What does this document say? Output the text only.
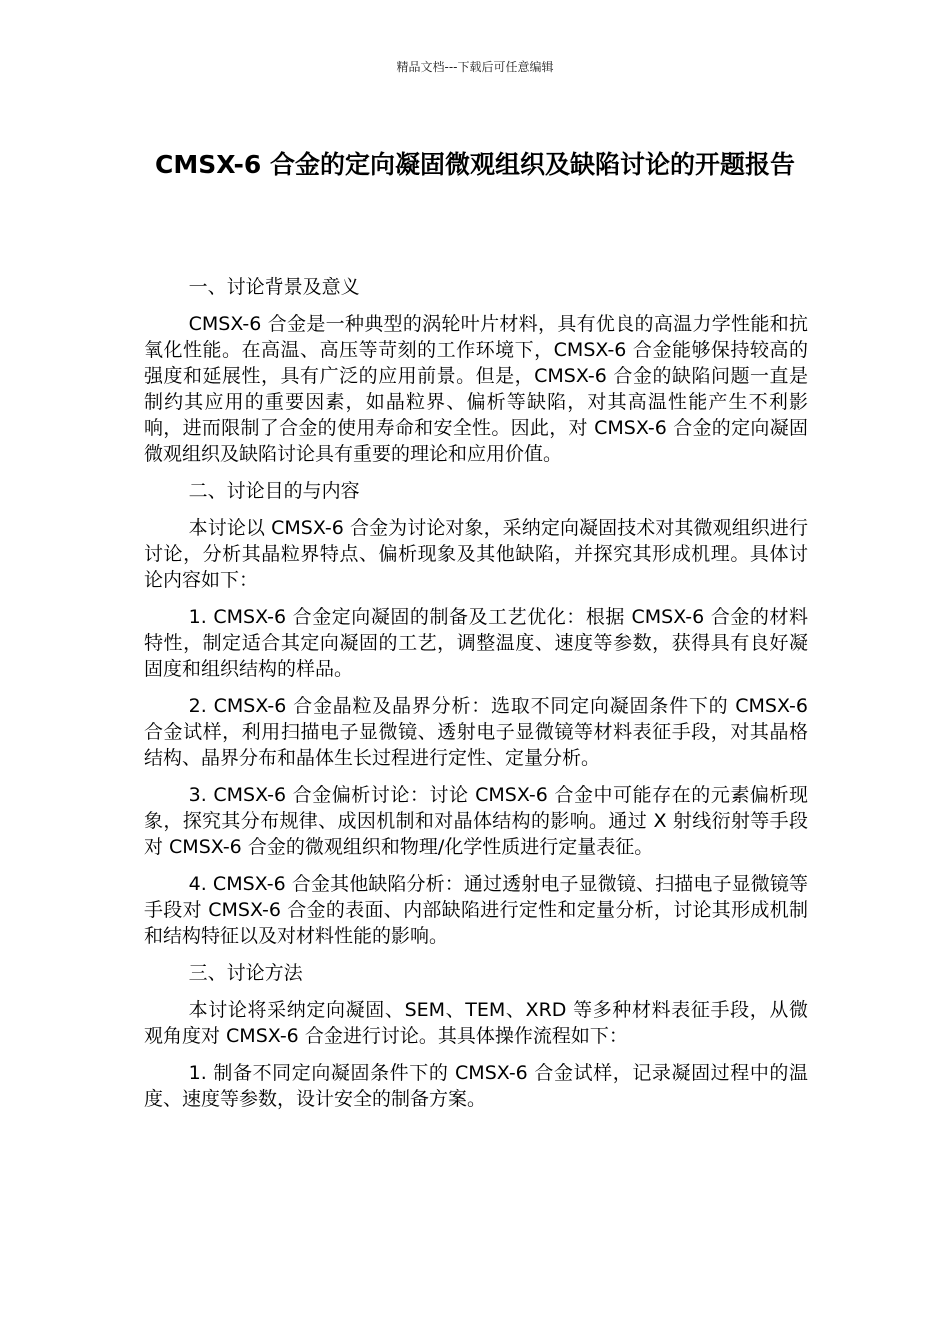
精品文档---下载后可任意编辑
CMSX-6 合金的定向凝固微观组织及缺陷讨论的开题报告

一、讨论背景及意义

CMSX-6 合金是一种典型的涡轮叶片材料，具有优良的高温力学性能和抗氧化性能。在高温、高压等苛刻的工作环境下，CMSX-6 合金能够保持较高的强度和延展性，具有广泛的应用前景。但是，CMSX-6 合金的缺陷问题一直是制约其应用的重要因素，如晶粒界、偏析等缺陷，对其高温性能产生不利影响，进而限制了合金的使用寿命和安全性。因此，对 CMSX-6 合金的定向凝固微观组织及缺陷讨论具有重要的理论和应用价值。

二、讨论目的与内容

本讨论以 CMSX-6 合金为讨论对象，采纳定向凝固技术对其微观组织进行讨论，分析其晶粒界特点、偏析现象及其他缺陷，并探究其形成机理。具体讨论内容如下：

1. CMSX-6 合金定向凝固的制备及工艺优化：根据 CMSX-6 合金的材料特性，制定适合其定向凝固的工艺，调整温度、速度等参数，获得具有良好凝固度和组织结构的样品。

2. CMSX-6 合金晶粒及晶界分析：选取不同定向凝固条件下的 CMSX-6 合金试样，利用扫描电子显微镜、透射电子显微镜等材料表征手段，对其晶格结构、晶界分布和晶体生长过程进行定性、定量分析。

3. CMSX-6 合金偏析讨论：讨论 CMSX-6 合金中可能存在的元素偏析现象，探究其分布规律、成因机制和对晶体结构的影响。通过 X 射线衍射等手段对 CMSX-6 合金的微观组织和物理/化学性质进行定量表征。

4. CMSX-6 合金其他缺陷分析：通过透射电子显微镜、扫描电子显微镜等手段对 CMSX-6 合金的表面、内部缺陷进行定性和定量分析，讨论其形成机制和结构特征以及对材料性能的影响。

三、讨论方法

本讨论将采纳定向凝固、SEM、TEM、XRD 等多种材料表征手段，从微观角度对 CMSX-6 合金进行讨论。其具体操作流程如下：

1. 制备不同定向凝固条件下的 CMSX-6 合金试样，记录凝固过程中的温度、速度等参数，设计安全的制备方案。
